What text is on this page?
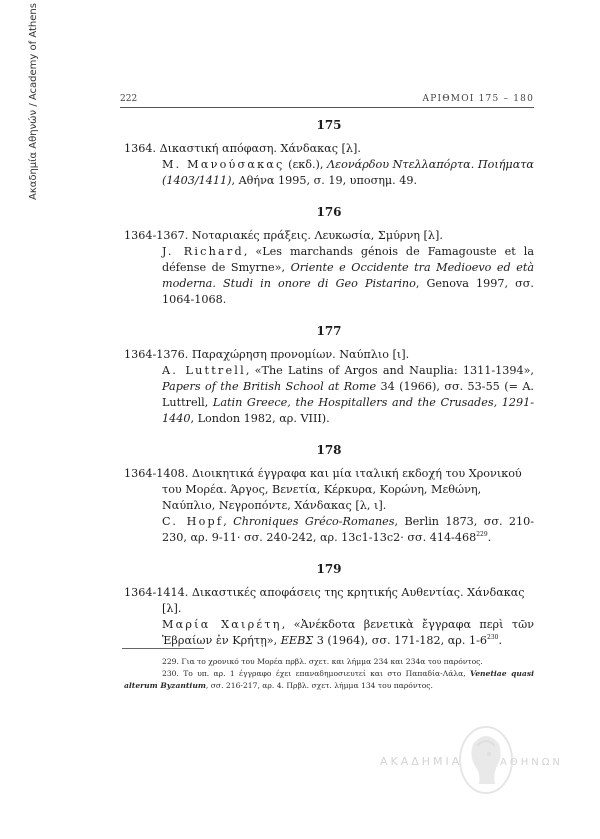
Ακαδημία Αθηνών / Academy of Athens	222	ΑΡΙΘΜΟΙ 175 – 180
175
1364. Δικαστική απόφαση. Χάνδακας [λ].
Μ. Μανούσακας (εκδ.), Λεονάρδου Ντελλαπόρτα. Ποιήματα (1403/1411), Αθήνα 1995, σ. 19, υποσημ. 49.
176
1364-1367. Νοταριακές πράξεις. Λευκωσία, Σμύρνη [λ].
J. Richard, «Les marchands génois de Famagouste et la défense de Smyrne», Oriente e Occidente tra Medioevo ed età moderna. Studi in onore di Geo Pistarino, Genova 1997, σσ. 1064-1068.
177
1364-1376. Παραχώρηση προνομίων. Ναύπλιο [ι].
A. Luttrell, «The Latins of Argos and Nauplia: 1311-1394», Papers of the British School at Rome 34 (1966), σσ. 53-55 (= A. Luttrell, Latin Greece, the Hospitallers and the Crusades, 1291-1440, London 1982, αρ. VIII).
178
1364-1408. Διοικητικά έγγραφα και μία ιταλική εκδοχή του Χρονικού του Μορέα. Άργος, Βενετία, Κέρκυρα, Κορώνη, Μεθώνη, Ναύπλιο, Νεγροπόντε, Χάνδακας [λ, ι].
C. Hopf, Chroniques Gréco-Romanes, Berlin 1873, σσ. 210-230, αρ. 9-11· σσ. 240-242, αρ. 13c1-13c2· σσ. $414-468^{229}$.
179
1364-1414. Δικαστικές αποφάσεις της κρητικής Αυθεντίας. Χάνδακας [λ].
Μαρία Χαιρέτη, «Ἀνέκδοτα βενετικὰ ἔγγραφα περὶ τῶν Ἑβραίων ἐν Κρήτῃ», ΕΕΒΣ 3 (1964), σσ. 171-182, αρ. $1-6^{230}$.

229. Για το χρονικό του Μορέα πρβλ. σχετ. και λήμμα 234 και 234α του παρόντος.

230. Το υπ. αρ. 1 έγγραφο έχει επαναδημοσιευτεί και στο Παπαδία-Λάλα, Venetiae quasi alterum Byzantium, σσ. 216-217, αρ. 4. Πρβλ. σχετ. λήμμα 134 του παρόντος.

ΑΚΑΔΗΜΙΑ	ΑΘΗΝΩΝ
